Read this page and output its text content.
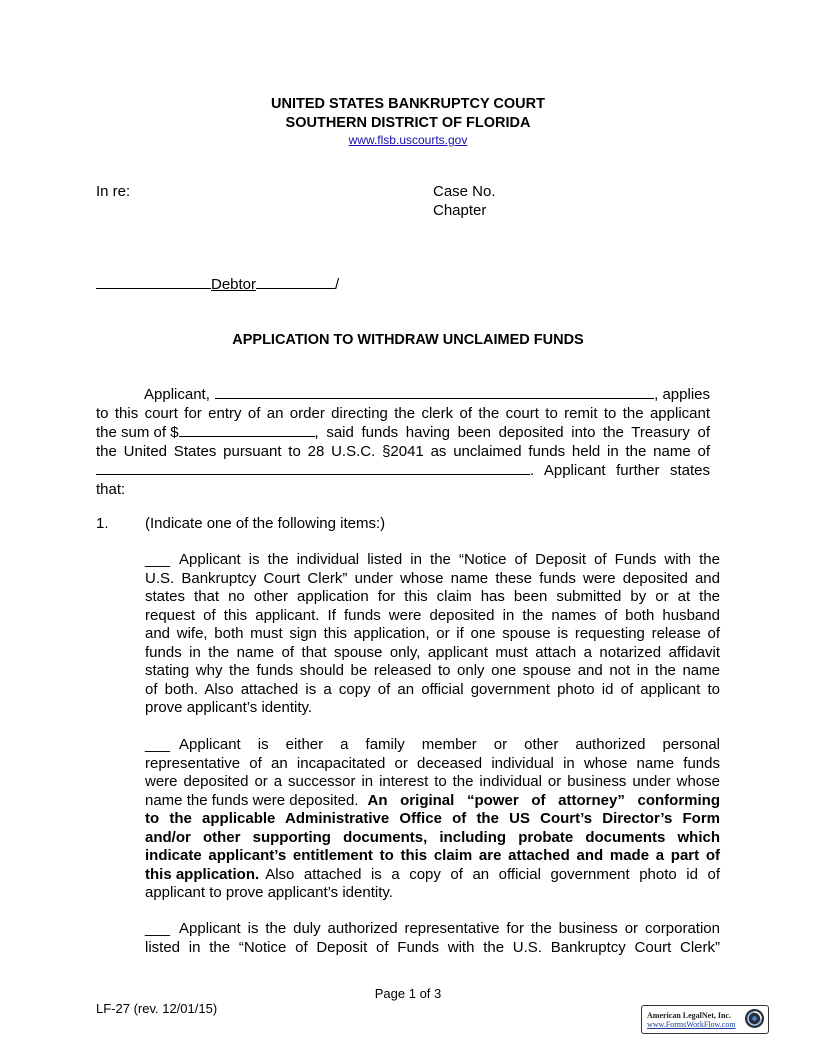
UNITED STATES BANKRUPTCY COURT
SOUTHERN DISTRICT OF FLORIDA
www.flsb.uscourts.gov
In re:	Case No.
Chapter
Debtor	/
APPLICATION TO WITHDRAW UNCLAIMED FUNDS
Applicant,	, applies
to this court for entry of an order directing the clerk of the court to remit to the applicant
the sum of $	, said funds having been deposited into the Treasury of
the United States pursuant to 28 U.S.C. §2041 as unclaimed funds held in the name of
. Applicant further states
that:
1. (Indicate one of the following items:)
___ Applicant is the individual listed in the “Notice of Deposit of Funds with the
U.S. Bankruptcy Court Clerk” under whose name these funds were deposited and
states that no other application for this claim has been submitted by or at the
request of this applicant. If funds were deposited in the names of both husband
and wife, both must sign this application, or if one spouse is requesting release of
funds in the name of that spouse only, applicant must attach a notarized affidavit
stating why the funds should be released to only one spouse and not in the name
of both. Also attached is a copy of an official government photo id of applicant to
prove applicant’s identity.
___ Applicant is either a family member or other authorized personal
representative of an incapacitated or deceased individual in whose name funds
were deposited or a successor in interest to the individual or business under whose
name the funds were deposited. An original “power of attorney” conforming
to the applicable Administrative Office of the US Court’s Director’s Form
and/or other supporting documents, including probate documents which
indicate applicant’s entitlement to this claim are attached and made a part of
this application. Also attached is a copy of an official government photo id of
applicant to prove applicant’s identity.
___ Applicant is the duly authorized representative for the business or corporation
listed in the “Notice of Deposit of Funds with the U.S. Bankruptcy Court Clerk”
Page 1 of 3
LF-27 (rev. 12/01/15)	American LegalNet, Inc.
www.FormsWorkFlow.com
